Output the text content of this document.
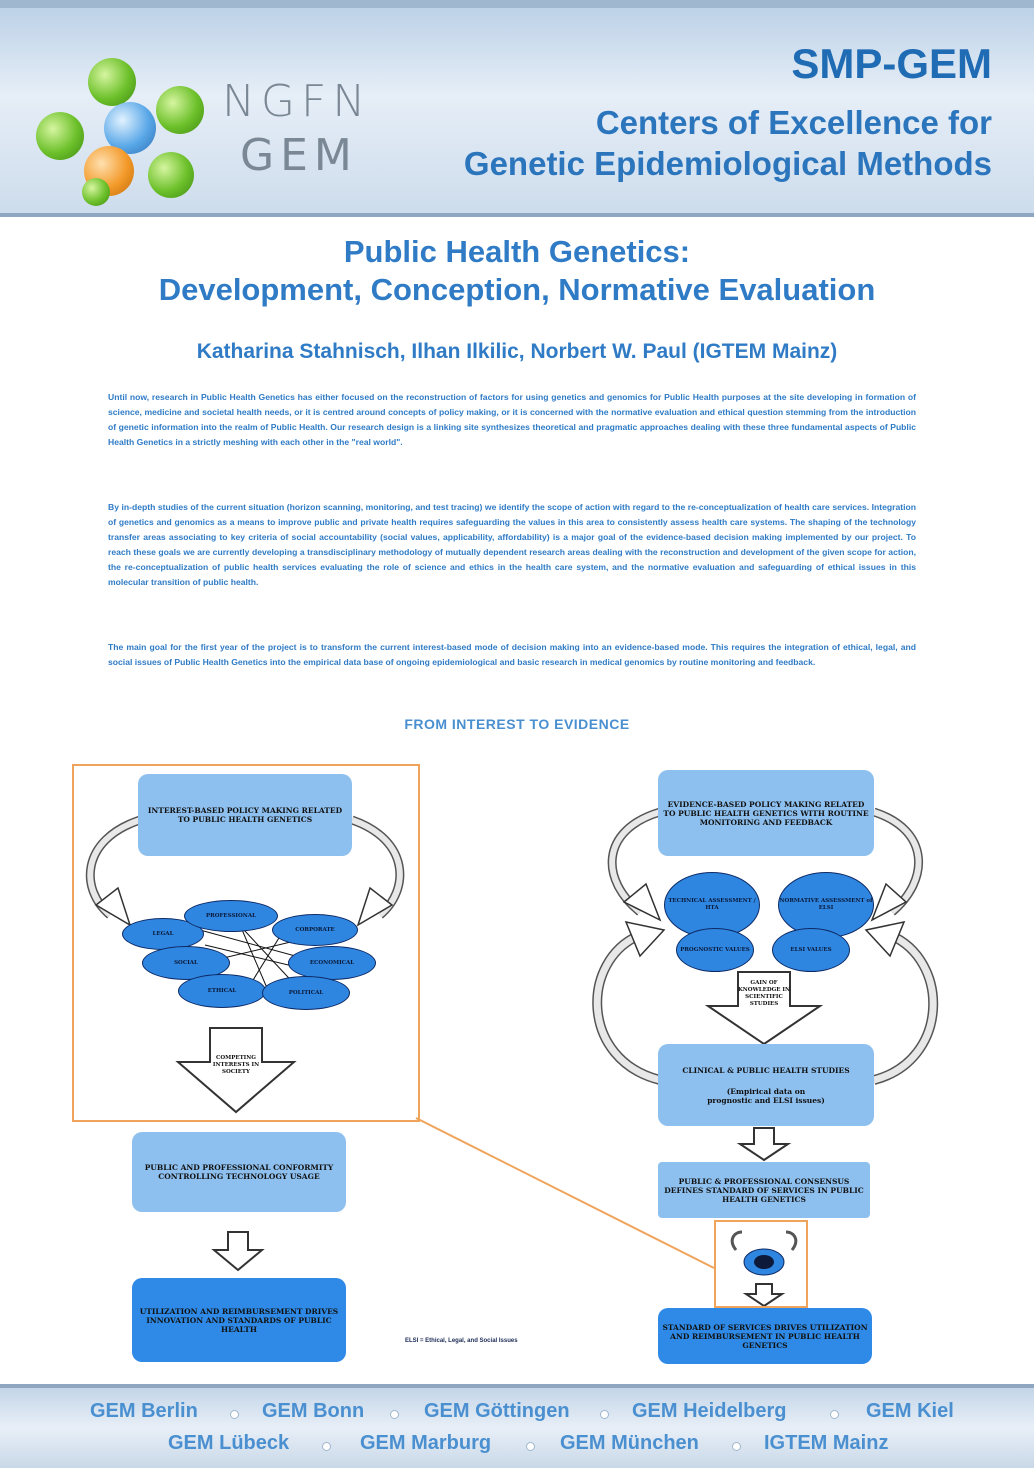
NGFN
GEM
SMP-GEM
Centers of Excellence for
Genetic Epidemiological Methods
Public Health Genetics:
Development, Conception, Normative Evaluation
Katharina Stahnisch, Ilhan Ilkilic, Norbert W. Paul (IGTEM Mainz)
Until now, research in Public Health Genetics has either focused on the reconstruction of factors for using genetics and genomics for Public Health purposes at the site developing in formation of science, medicine and societal health needs, or it is centred around concepts of policy making, or it is concerned with the normative evaluation and ethical question stemming from the introduction of genetic information into the realm of Public Health. Our research design is a linking site synthesizes theoretical and pragmatic approaches dealing with these three fundamental aspects of Public Health Genetics in a strictly meshing with each other in the "real world".
By in-depth studies of the current situation (horizon scanning, monitoring, and test tracing) we identify the scope of action with regard to the re-conceptualization of health care services. Integration of genetics and genomics as a means to improve public and private health requires safeguarding the values in this area to consistently assess health care systems. The shaping of the technology transfer areas associating to key criteria of social accountability (social values, applicability, affordability) is a major goal of the evidence-based decision making implemented by our project. To reach these goals we are currently developing a transdisciplinary methodology of mutually dependent research areas dealing with the reconstruction and development of the given scope for action, the re-conceptualization of public health services evaluating the role of science and ethics in the health care system, and the normative evaluation and safeguarding of ethical issues in this molecular transition of public health.
The main goal for the first year of the project is to transform the current interest-based mode of decision making into an evidence-based mode. This requires the integration of ethical, legal, and social issues of Public Health Genetics into the empirical data base of ongoing epidemiological and basic research in medical genomics by routine monitoring and feedback.
FROM INTEREST TO EVIDENCE
INTEREST-BASED POLICY MAKING RELATED TO PUBLIC HEALTH GENETICS
LEGAL
PROFESSIONAL
CORPORATE
SOCIAL	ECONOMICAL
ETHICAL	POLITICAL
COMPETING INTERESTS IN SOCIETY
PUBLIC AND PROFESSIONAL CONFORMITY CONTROLLING TECHNOLOGY USAGE
UTILIZATION AND REIMBURSEMENT DRIVES INNOVATION AND STANDARDS OF PUBLIC HEALTH
EVIDENCE-BASED POLICY MAKING RELATED TO PUBLIC HEALTH GENETICS WITH ROUTINE MONITORING AND FEEDBACK
TECHNICAL ASSESSMENT / HTA
NORMATIVE ASSESSMENT of ELSI
PROGNOSTIC VALUES	ELSI VALUES
GAIN OF KNOWLEDGE IN SCIENTIFIC STUDIES
CLINICAL & PUBLIC HEALTH STUDIES
(Empirical data on prognostic and ELSI issues)
PUBLIC & PROFESSIONAL CONSENSUS DEFINES STANDARD OF SERVICES IN PUBLIC HEALTH GENETICS
STANDARD OF SERVICES DRIVES UTILIZATION AND REIMBURSEMENT IN PUBLIC HEALTH GENETICS
ELSI = Ethical, Legal, and Social Issues
GEM Berlin	GEM Bonn	GEM Göttingen	GEM Heidelberg	GEM Kiel
GEM Lübeck	GEM Marburg	GEM München	IGTEM Mainz
